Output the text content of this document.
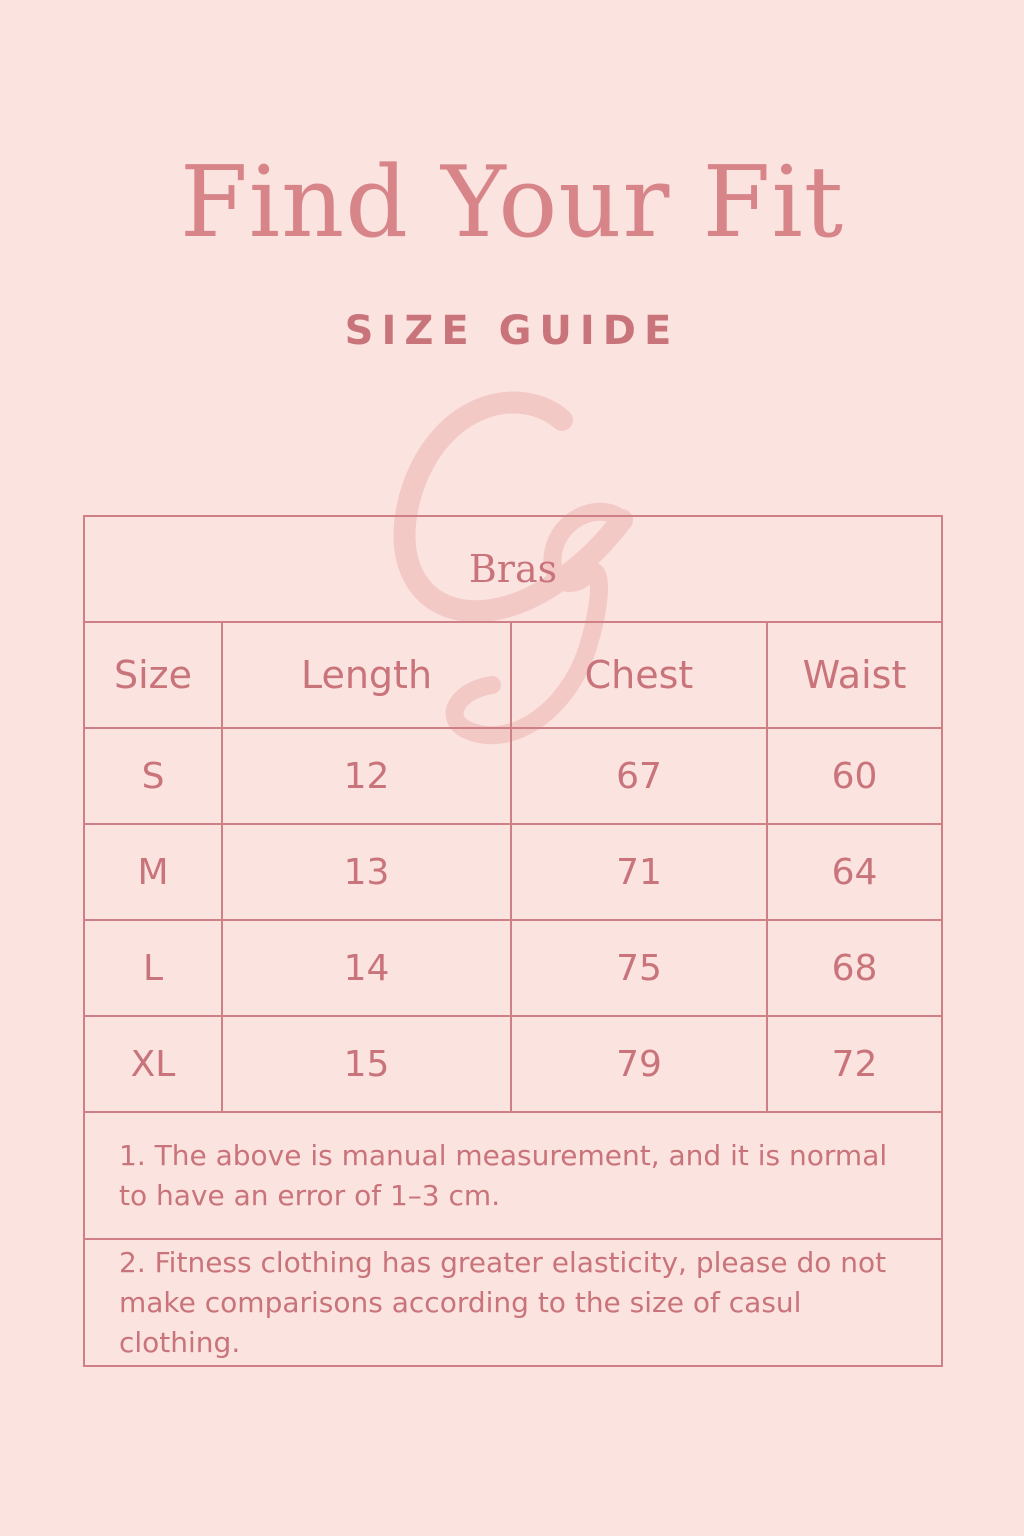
Find Your Fit
SIZE GUIDE
Bras			
Size	Length	Chest	Waist
S	12	67	60
M	13	71	64
L	14	75	68
XL	15	79	72
1. The above is manual measurement, and it is normal to have an error of 1–3 cm.			
2. Fitness clothing has greater elasticity, please do not make comparisons according to the size of casul clothing.			
